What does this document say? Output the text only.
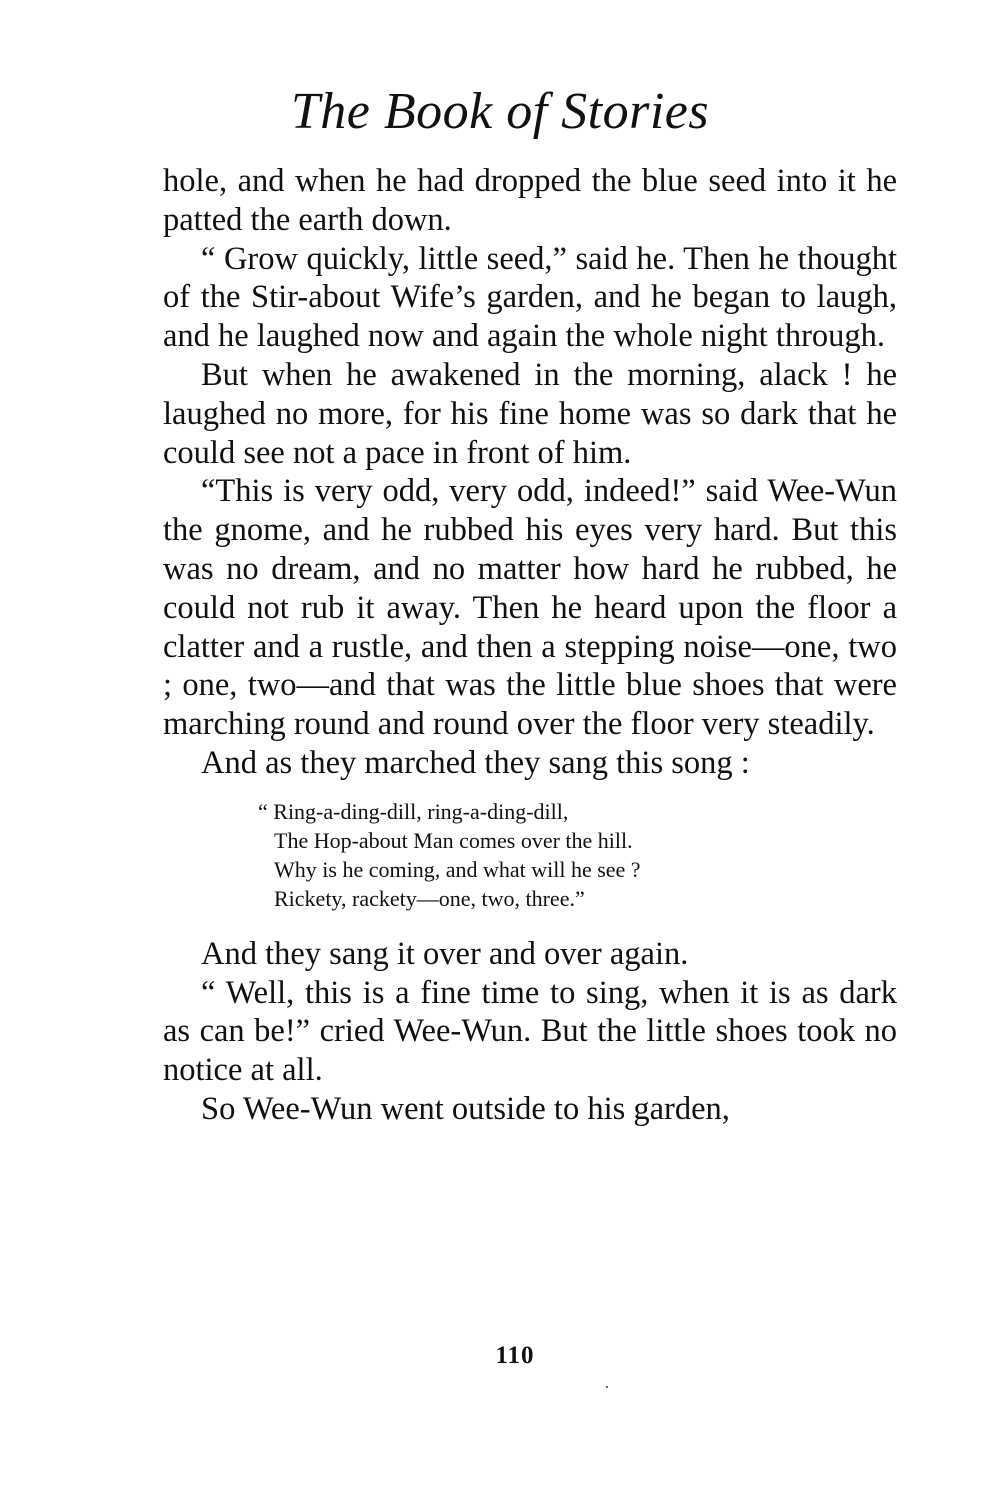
The Book of Stories

hole, and when he had dropped the blue seed into it he patted the earth down.

“ Grow quickly, little seed,” said he. Then he thought of the Stir-about Wife’s garden, and he began to laugh, and he laughed now and again the whole night through.

But when he awakened in the morning, alack ! he laughed no more, for his fine home was so dark that he could see not a pace in front of him.

“This is very odd, very odd, indeed!” said Wee-Wun the gnome, and he rubbed his eyes very hard. But this was no dream, and no matter how hard he rubbed, he could not rub it away. Then he heard upon the floor a clatter and a rustle, and then a stepping noise—one, two ; one, two—and that was the little blue shoes that were marching round and round over the floor very steadily.

And as they marched they sang this song :

“ Ring-a-ding-dill, ring-a-ding-dill,
The Hop-about Man comes over the hill.
Why is he coming, and what will he see ?
Rickety, rackety—one, two, three.”

And they sang it over and over again.

“ Well, this is a fine time to sing, when it is as dark as can be!” cried Wee-Wun. But the little shoes took no notice at all.

So Wee-Wun went outside to his garden,

110
